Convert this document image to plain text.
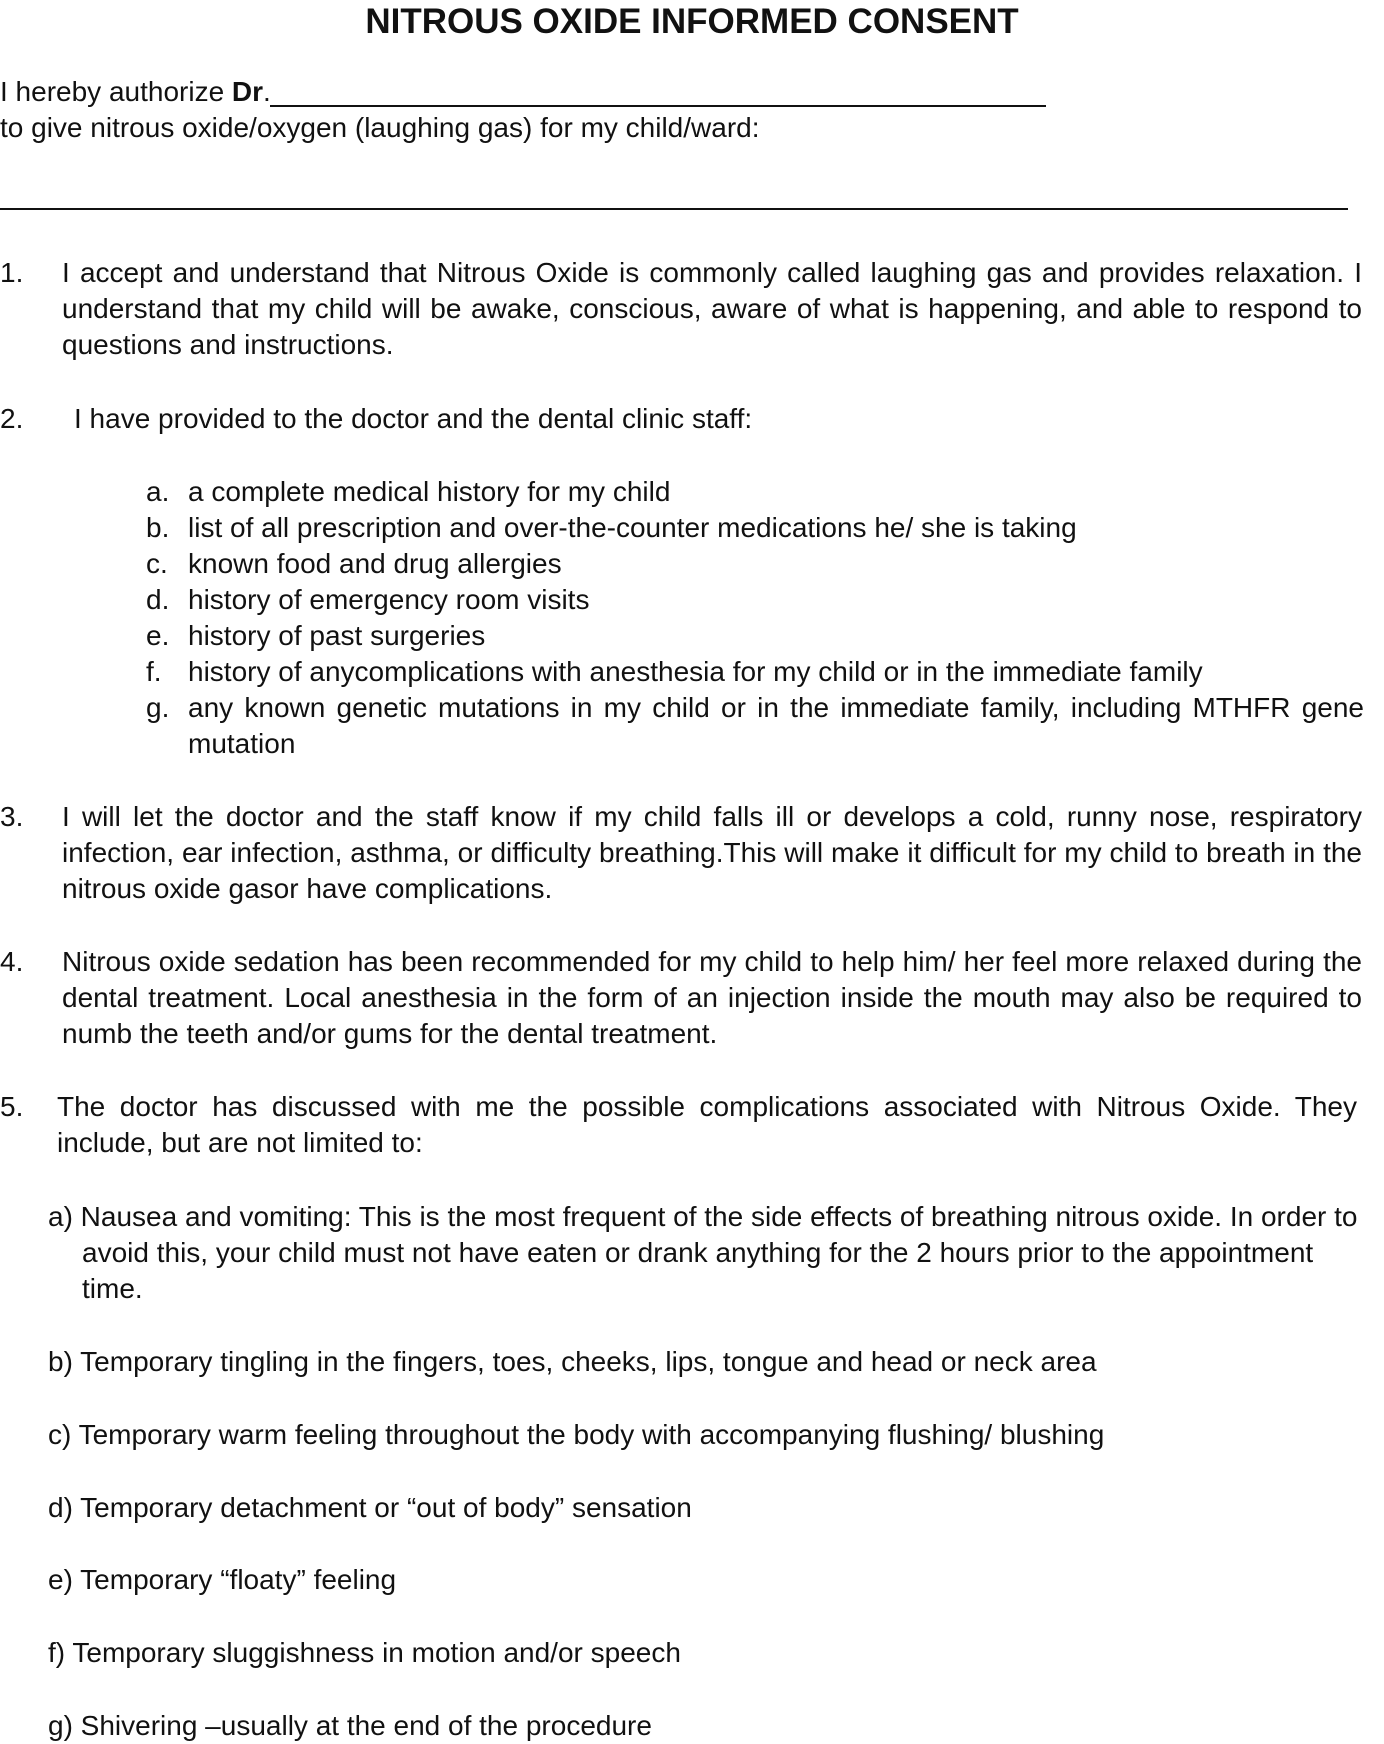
NITROUS OXIDE INFORMED CONSENT
I hereby authorize Dr.
to give nitrous oxide/oxygen (laughing gas) for my child/ward:
1. I accept and understand that Nitrous Oxide is commonly called laughing gas and provides relaxation. I understand that my child will be awake, conscious, aware of what is happening, and able to respond to questions and instructions.
2. I have provided to the doctor and the dental clinic staff:
a. a complete medical history for my child
b. list of all prescription and over-the-counter medications he/ she is taking
c. known food and drug allergies
d. history of emergency room visits
e. history of past surgeries
f. history of anycomplications with anesthesia for my child or in the immediate family
g. any known genetic mutations in my child or in the immediate family, including MTHFR gene mutation
3. I will let the doctor and the staff know if my child falls ill or develops a cold, runny nose, respiratory infection, ear infection, asthma, or difficulty breathing.This will make it difficult for my child to breath in the nitrous oxide gasor have complications.
4. Nitrous oxide sedation has been recommended for my child to help him/ her feel more relaxed during the dental treatment. Local anesthesia in the form of an injection inside the mouth may also be required to numb the teeth and/or gums for the dental treatment.
5. The doctor has discussed with me the possible complications associated with Nitrous Oxide. They include, but are not limited to:
a) Nausea and vomiting: This is the most frequent of the side effects of breathing nitrous oxide. In order to avoid this, your child must not have eaten or drank anything for the 2 hours prior to the appointment time.
b) Temporary tingling in the fingers, toes, cheeks, lips, tongue and head or neck area
c) Temporary warm feeling throughout the body with accompanying flushing/ blushing
d) Temporary detachment or “out of body” sensation
e) Temporary “floaty” feeling
f) Temporary sluggishness in motion and/or speech
g) Shivering –usually at the end of the procedure
